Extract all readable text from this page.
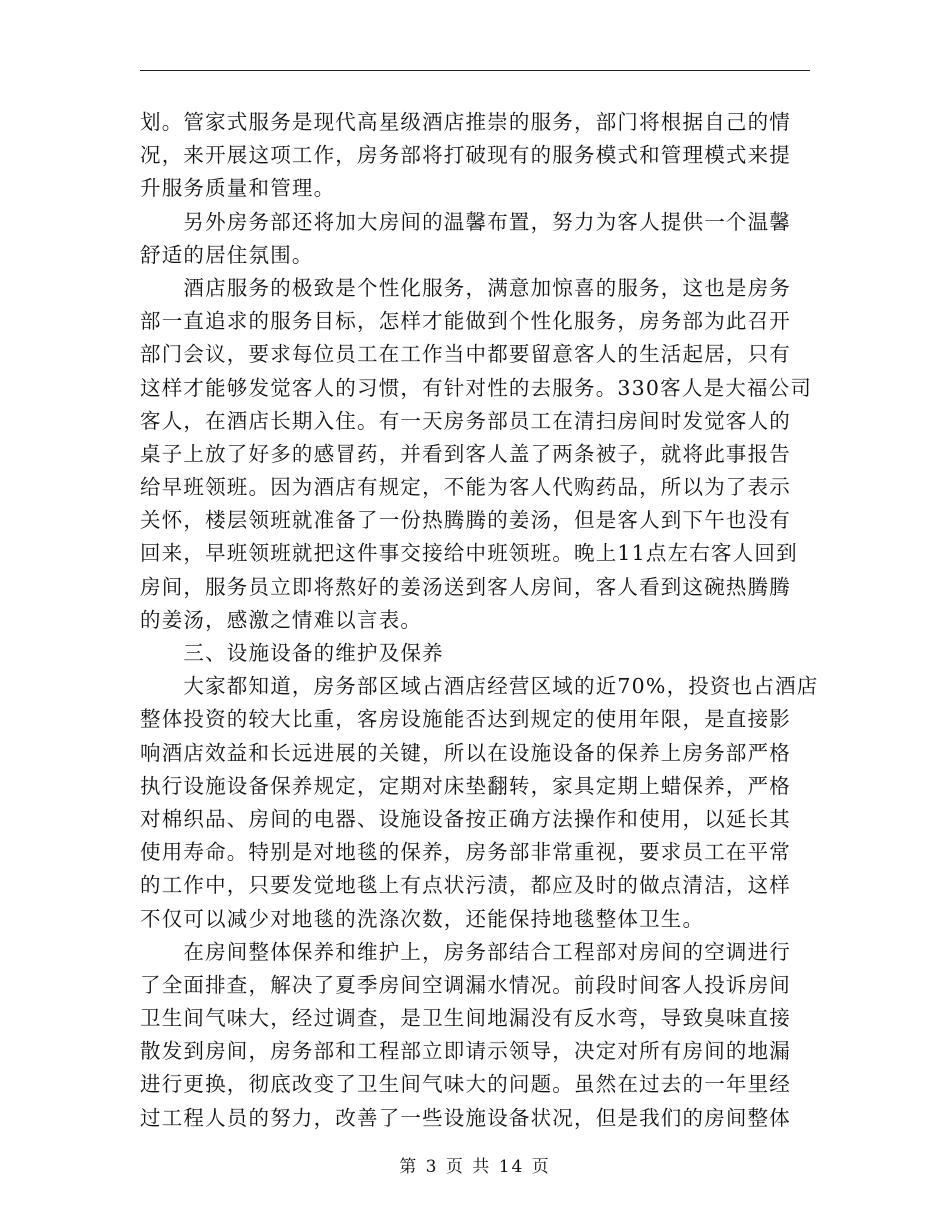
划。管家式服务是现代高星级酒店推崇的服务，部门将根据自己的情
况，来开展这项工作，房务部将打破现有的服务模式和管理模式来提
升服务质量和管理。
　　另外房务部还将加大房间的温馨布置，努力为客人提供一个温馨
舒适的居住氛围。
　　酒店服务的极致是个性化服务，满意加惊喜的服务，这也是房务
部一直追求的服务目标，怎样才能做到个性化服务，房务部为此召开
部门会议，要求每位员工在工作当中都要留意客人的生活起居，只有
这样才能够发觉客人的习惯，有针对性的去服务。330客人是大福公司
客人，在酒店长期入住。有一天房务部员工在清扫房间时发觉客人的
桌子上放了好多的感冒药，并看到客人盖了两条被子，就将此事报告
给早班领班。因为酒店有规定，不能为客人代购药品，所以为了表示
关怀，楼层领班就准备了一份热腾腾的姜汤，但是客人到下午也没有
回来，早班领班就把这件事交接给中班领班。晚上11点左右客人回到
房间，服务员立即将熬好的姜汤送到客人房间，客人看到这碗热腾腾
的姜汤，感激之情难以言表。
　　三、设施设备的维护及保养
　　大家都知道，房务部区域占酒店经营区域的近70%，投资也占酒店
整体投资的较大比重，客房设施能否达到规定的使用年限，是直接影
响酒店效益和长远进展的关键，所以在设施设备的保养上房务部严格
执行设施设备保养规定，定期对床垫翻转，家具定期上蜡保养，严格
对棉织品、房间的电器、设施设备按正确方法操作和使用，以延长其
使用寿命。特别是对地毯的保养，房务部非常重视，要求员工在平常
的工作中，只要发觉地毯上有点状污渍，都应及时的做点清洁，这样
不仅可以减少对地毯的洗涤次数，还能保持地毯整体卫生。
　　在房间整体保养和维护上，房务部结合工程部对房间的空调进行
了全面排查，解决了夏季房间空调漏水情况。前段时间客人投诉房间
卫生间气味大，经过调查，是卫生间地漏没有反水弯，导致臭味直接
散发到房间，房务部和工程部立即请示领导，决定对所有房间的地漏
进行更换，彻底改变了卫生间气味大的问题。虽然在过去的一年里经
过工程人员的努力，改善了一些设施设备状况，但是我们的房间整体
第 3 页 共 14 页
